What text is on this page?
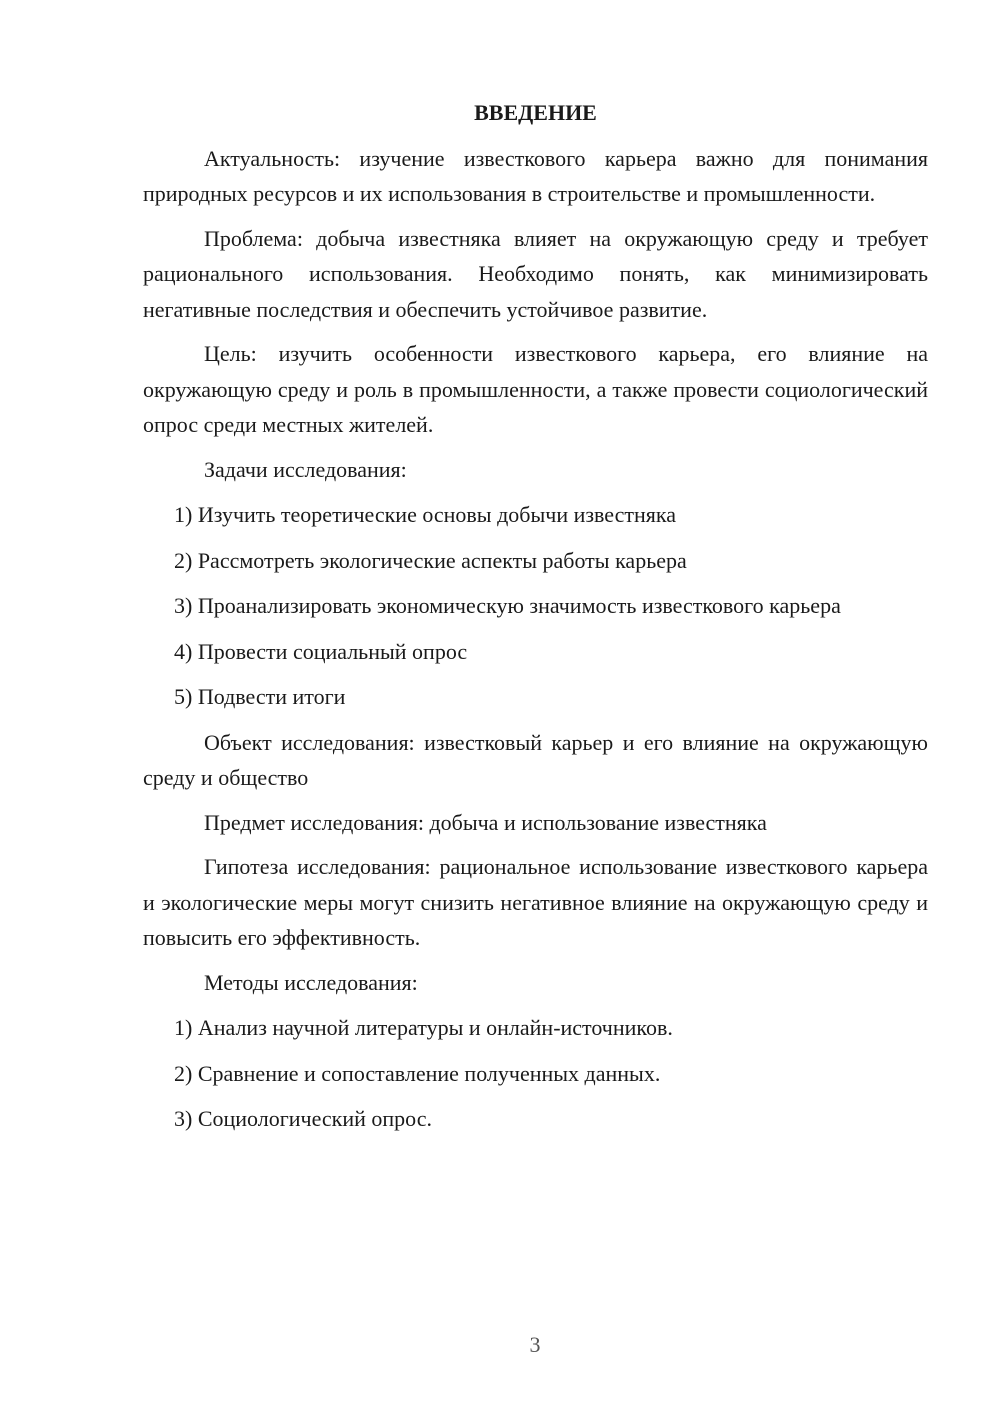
ВВЕДЕНИЕ

Актуальность: изучение известкового карьера важно для понимания природных ресурсов и их использования в строительстве и промышленности.

Проблема: добыча известняка влияет на окружающую среду и требует рационального использования. Необходимо понять, как минимизировать негативные последствия и обеспечить устойчивое развитие.

Цель: изучить особенности известкового карьера, его влияние на окружающую среду и роль в промышленности, а также провести социологический опрос среди местных жителей.

Задачи исследования:

1) Изучить теоретические основы добычи известняка

2) Рассмотреть экологические аспекты работы карьера

3) Проанализировать экономическую значимость известкового карьера

4) Провести социальный опрос

5) Подвести итоги

Объект исследования: известковый карьер и его влияние на окружающую среду и общество

Предмет исследования: добыча и использование известняка

Гипотеза исследования: рациональное использование известкового карьера и экологические меры могут снизить негативное влияние на окружающую среду и повысить его эффективность.

Методы исследования:

1) Анализ научной литературы и онлайн-источников.

2) Сравнение и сопоставление полученных данных.

3) Социологический опрос.

3
